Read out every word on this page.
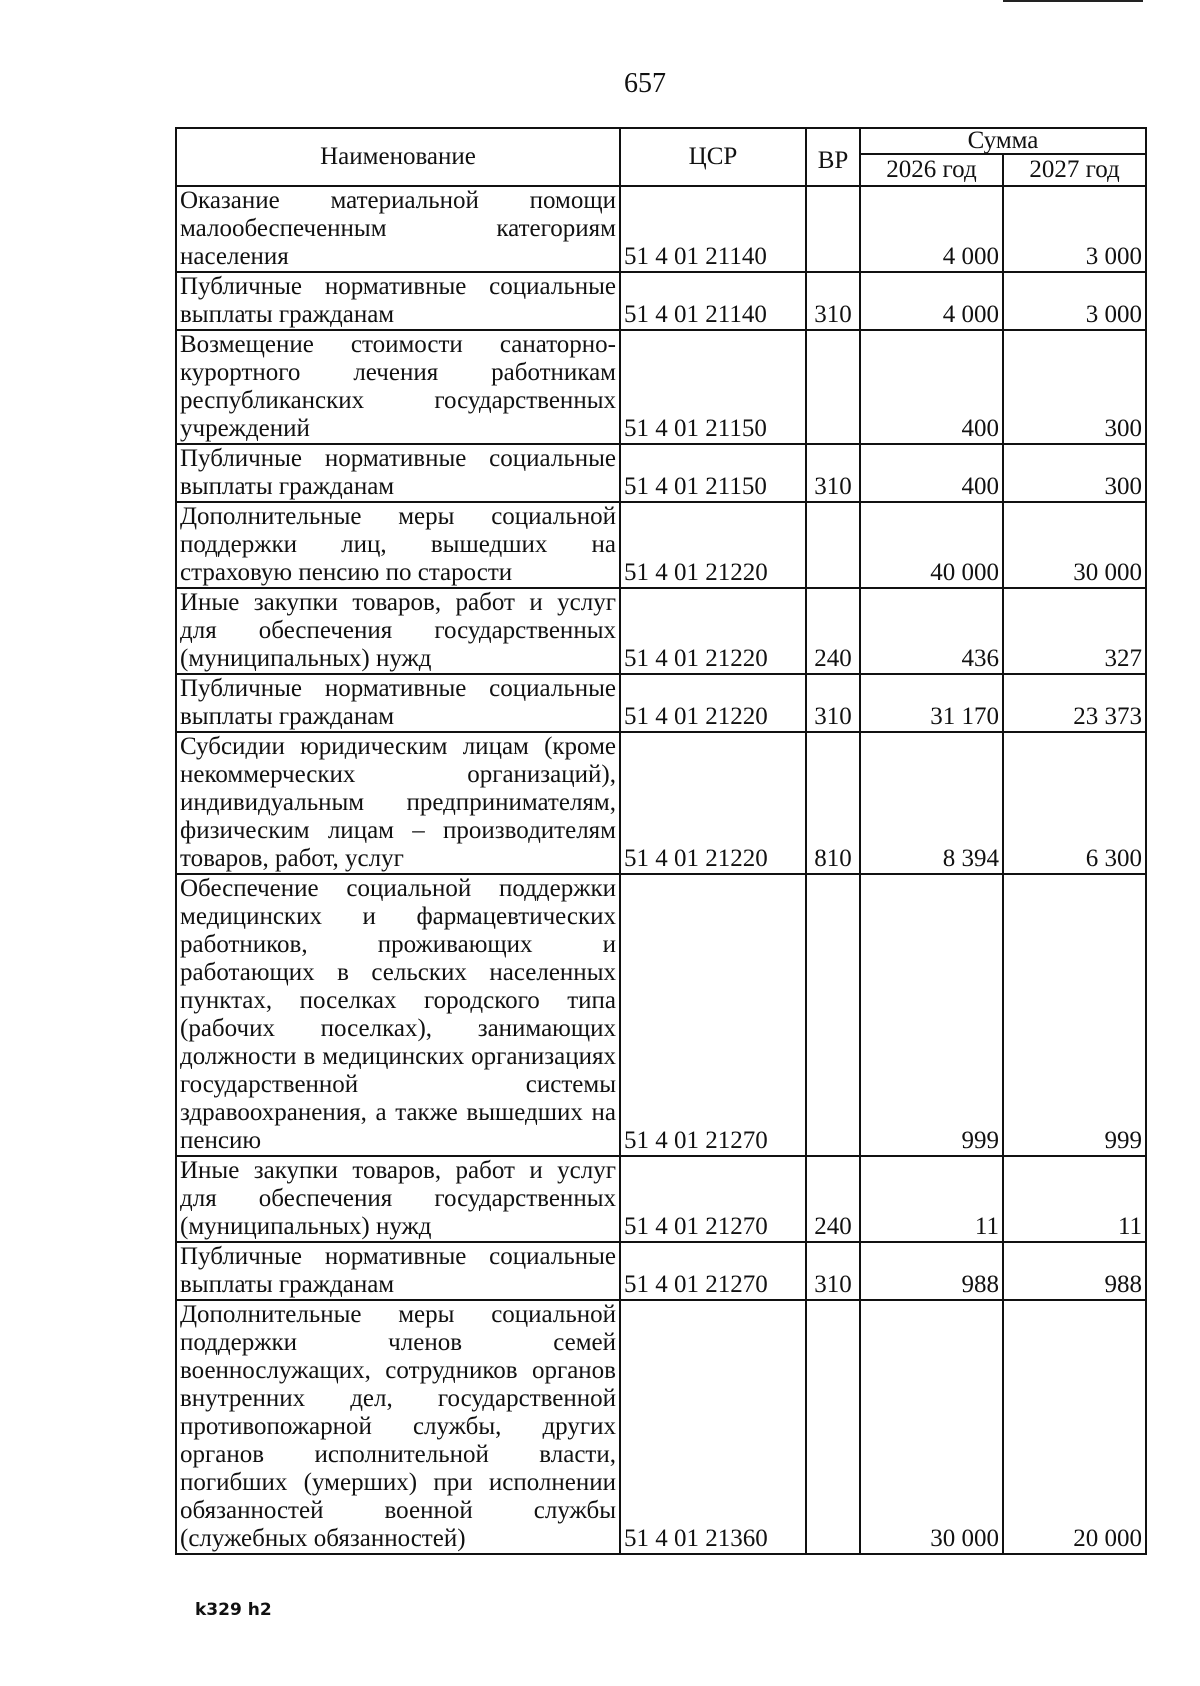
657
Наименование	ЦСР	ВР	Сумма	
			2026 год	2027 год
Оказание материальной помощи малообеспеченным категориям населения	51 4 01 21140		4 000	3 000
Публичные нормативные социальные выплаты гражданам	51 4 01 21140	310	4 000	3 000
Возмещение стоимости санаторно-курортного лечения работникам республиканских государственных учреждений	51 4 01 21150		400	300
Публичные нормативные социальные выплаты гражданам	51 4 01 21150	310	400	300
Дополнительные меры социальной поддержки лиц, вышедших на страховую пенсию по старости	51 4 01 21220		40 000	30 000
Иные закупки товаров, работ и услуг для обеспечения государственных (муниципальных) нужд	51 4 01 21220	240	436	327
Публичные нормативные социальные выплаты гражданам	51 4 01 21220	310	31 170	23 373
Субсидии юридическим лицам (кроме некоммерческих организаций), индивидуальным предпринимателям, физическим лицам – производителям товаров, работ, услуг	51 4 01 21220	810	8 394	6 300
Обеспечение социальной поддержки медицинских и фармацевтических работников, проживающих и работающих в сельских населенных пунктах, поселках городского типа (рабочих поселках), занимающих должности в медицинских организациях государственной системы здравоохранения, а также вышедших на пенсию	51 4 01 21270		999	999
Иные закупки товаров, работ и услуг для обеспечения государственных (муниципальных) нужд	51 4 01 21270	240	11	11
Публичные нормативные социальные выплаты гражданам	51 4 01 21270	310	988	988
Дополнительные меры социальной поддержки членов семей военнослужащих, сотрудников органов внутренних дел, государственной противопожарной службы, других органов исполнительной власти, погибших (умерших) при исполнении обязанностей военной службы (служебных обязанностей)	51 4 01 21360		30 000	20 000
k329 h2
